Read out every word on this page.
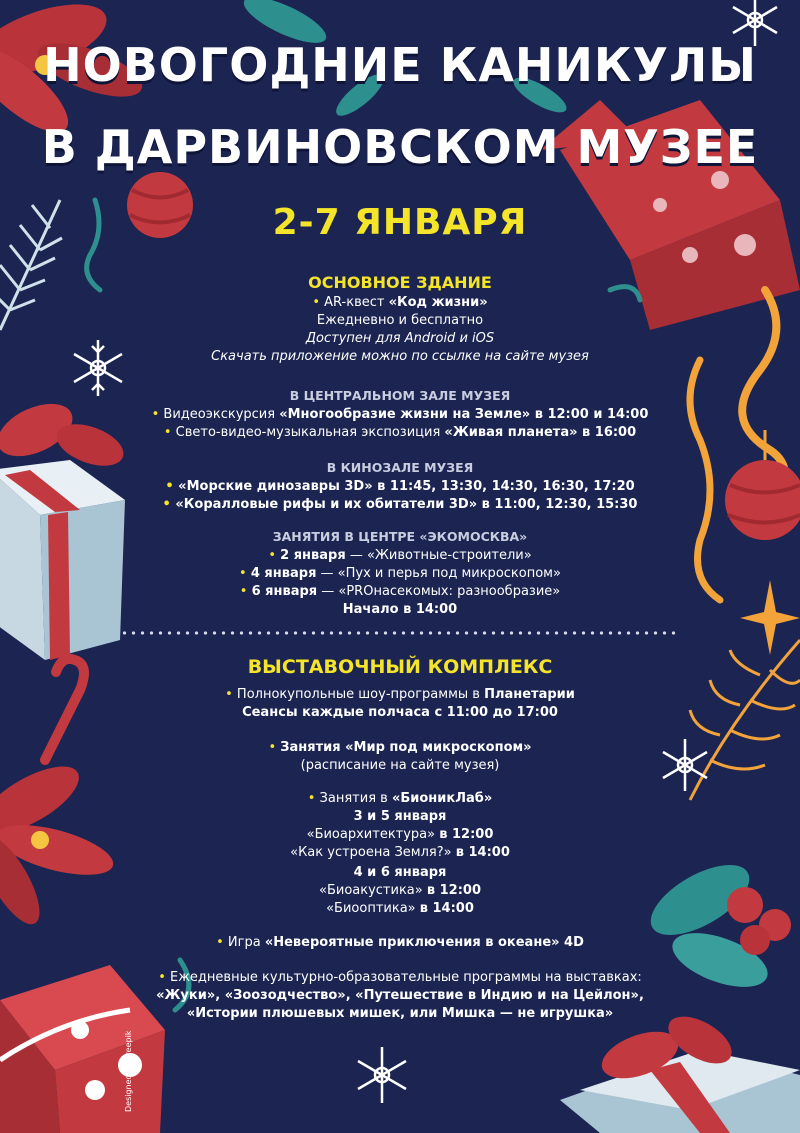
НОВОГОДНИЕ КАНИКУЛЫ
В ДАРВИНОВСКОМ МУЗЕЕ
2-7 ЯНВАРЯ
ОСНОВНОЕ ЗДАНИЕ
• AR-квест «Код жизни»
Ежедневно и бесплатно
Доступен для Android и iOS
Скачать приложение можно по ссылке на сайте музея
В ЦЕНТРАЛЬНОМ ЗАЛЕ МУЗЕЯ
• Видеоэкскурсия «Многообразие жизни на Земле» в 12:00 и 14:00
• Свето-видео-музыкальная экспозиция «Живая планета» в 16:00
В КИНОЗАЛЕ МУЗЕЯ
• «Морские динозавры 3D» в 11:45, 13:30, 14:30, 16:30, 17:20
• «Коралловые рифы и их обитатели 3D» в 11:00, 12:30, 15:30
ЗАНЯТИЯ В ЦЕНТРЕ «ЭКОМОСКВА»
• 2 января — «Животные-строители»
• 4 января — «Пух и перья под микроскопом»
• 6 января — «PROнасекомых: разнообразие»
Начало в 14:00
ВЫСТАВОЧНЫЙ КОМПЛЕКС
• Полнокупольные шоу-программы в Планетарии
Сеансы каждые полчаса с 11:00 до 17:00
• Занятия «Мир под микроскопом»
(расписание на сайте музея)
• Занятия в «БионикЛаб»
3 и 5 января
«Биоархитектура» в 12:00
«Как устроена Земля?» в 14:00
4 и 6 января
«Биоакустика» в 12:00
«Биооптика» в 14:00
• Игра «Невероятные приключения в океане» 4D
• Ежедневные культурно-образовательные программы на выставках:
«Жуки», «Зоозодчество», «Путешествие в Индию и на Цейлон»,
«Истории плюшевых мишек, или Мишка — не игрушка»
Designed by Freepik
